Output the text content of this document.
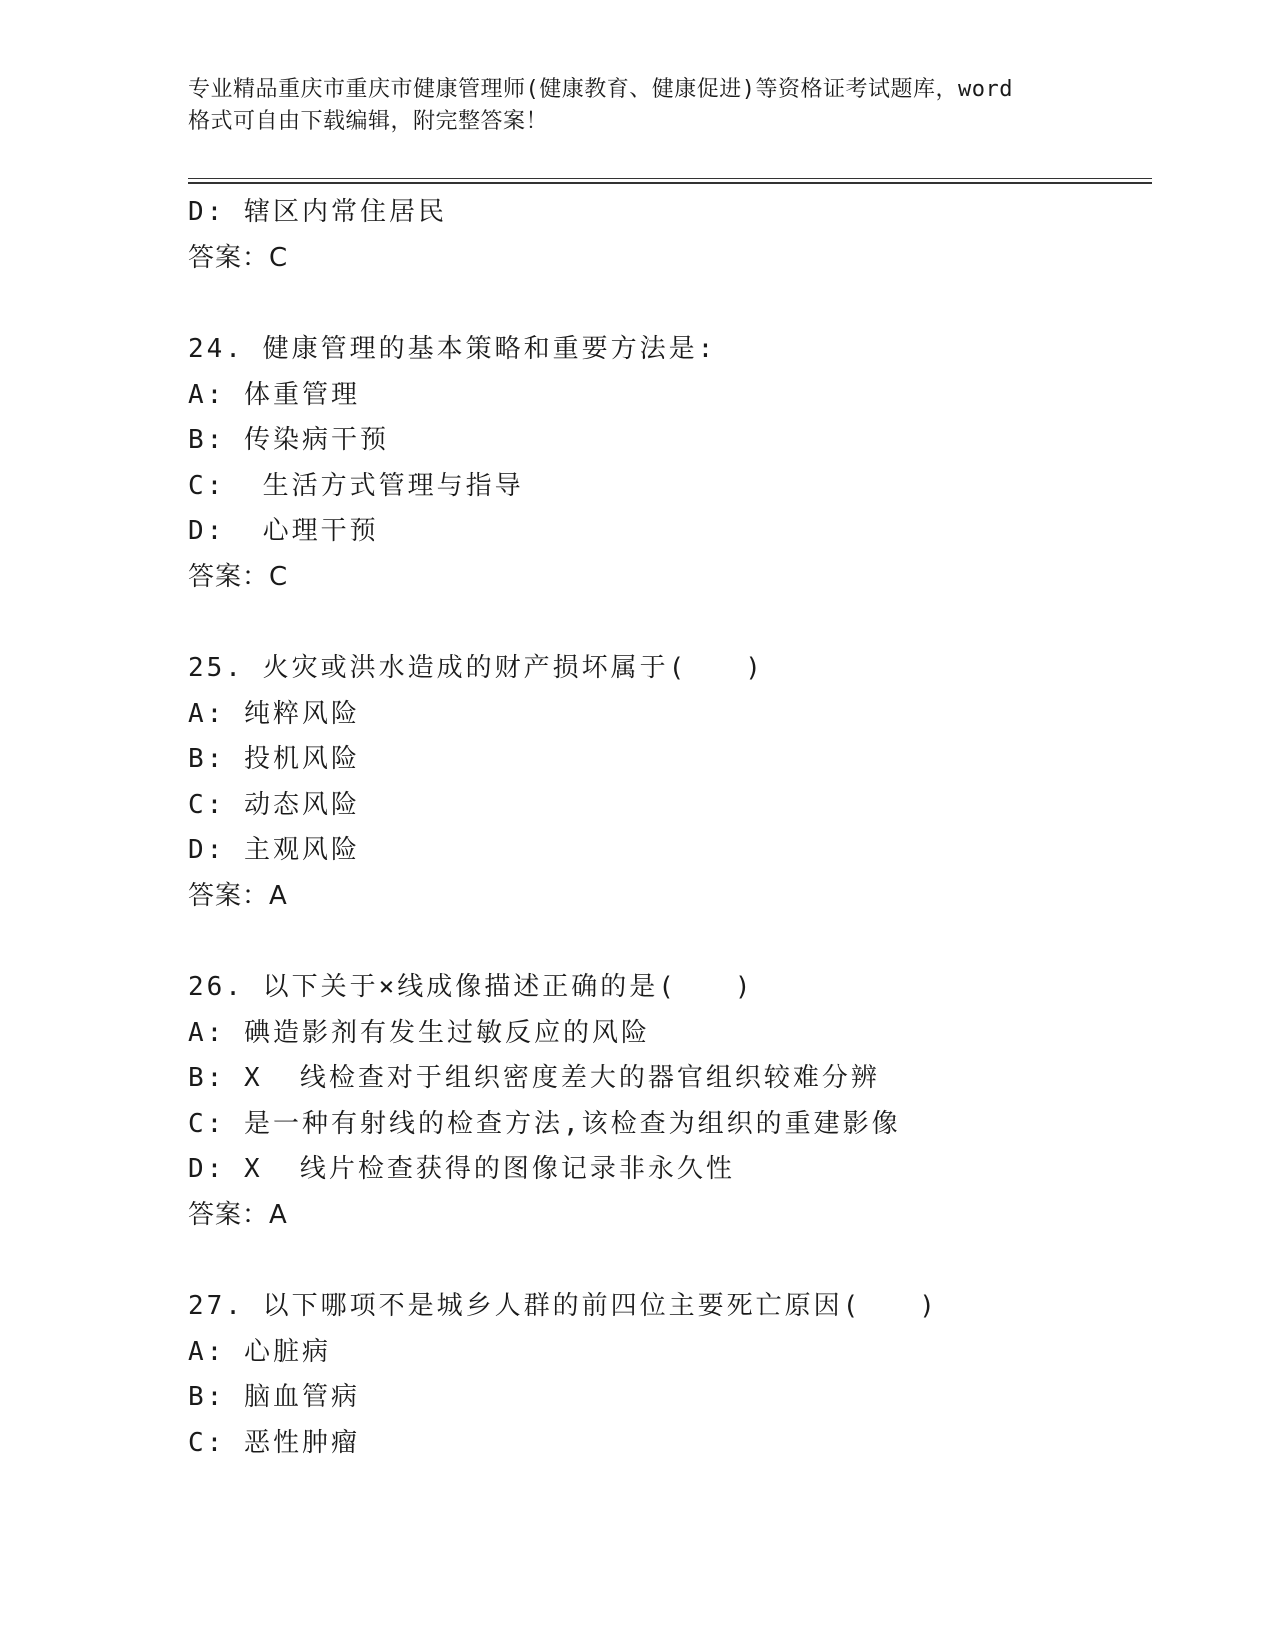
专业精品重庆市重庆市健康管理师(健康教育、健康促进)等资格证考试题库，word
格式可自由下载编辑，附完整答案！
D: 辖区内常住居民
答案：C
24. 健康管理的基本策略和重要方法是:
A: 体重管理
B: 传染病干预
C:  生活方式管理与指导
D:  心理干预
答案：C
25. 火灾或洪水造成的财产损坏属于(　　)
A: 纯粹风险
B: 投机风险
C: 动态风险
D: 主观风险
答案：A
26. 以下关于×线成像描述正确的是(　　)
A: 碘造影剂有发生过敏反应的风险
B: X  线检查对于组织密度差大的器官组织较难分辨
C: 是一种有射线的检查方法,该检查为组织的重建影像
D: X  线片检查获得的图像记录非永久性
答案：A
27. 以下哪项不是城乡人群的前四位主要死亡原因(　　)
A: 心脏病
B: 脑血管病
C: 恶性肿瘤
